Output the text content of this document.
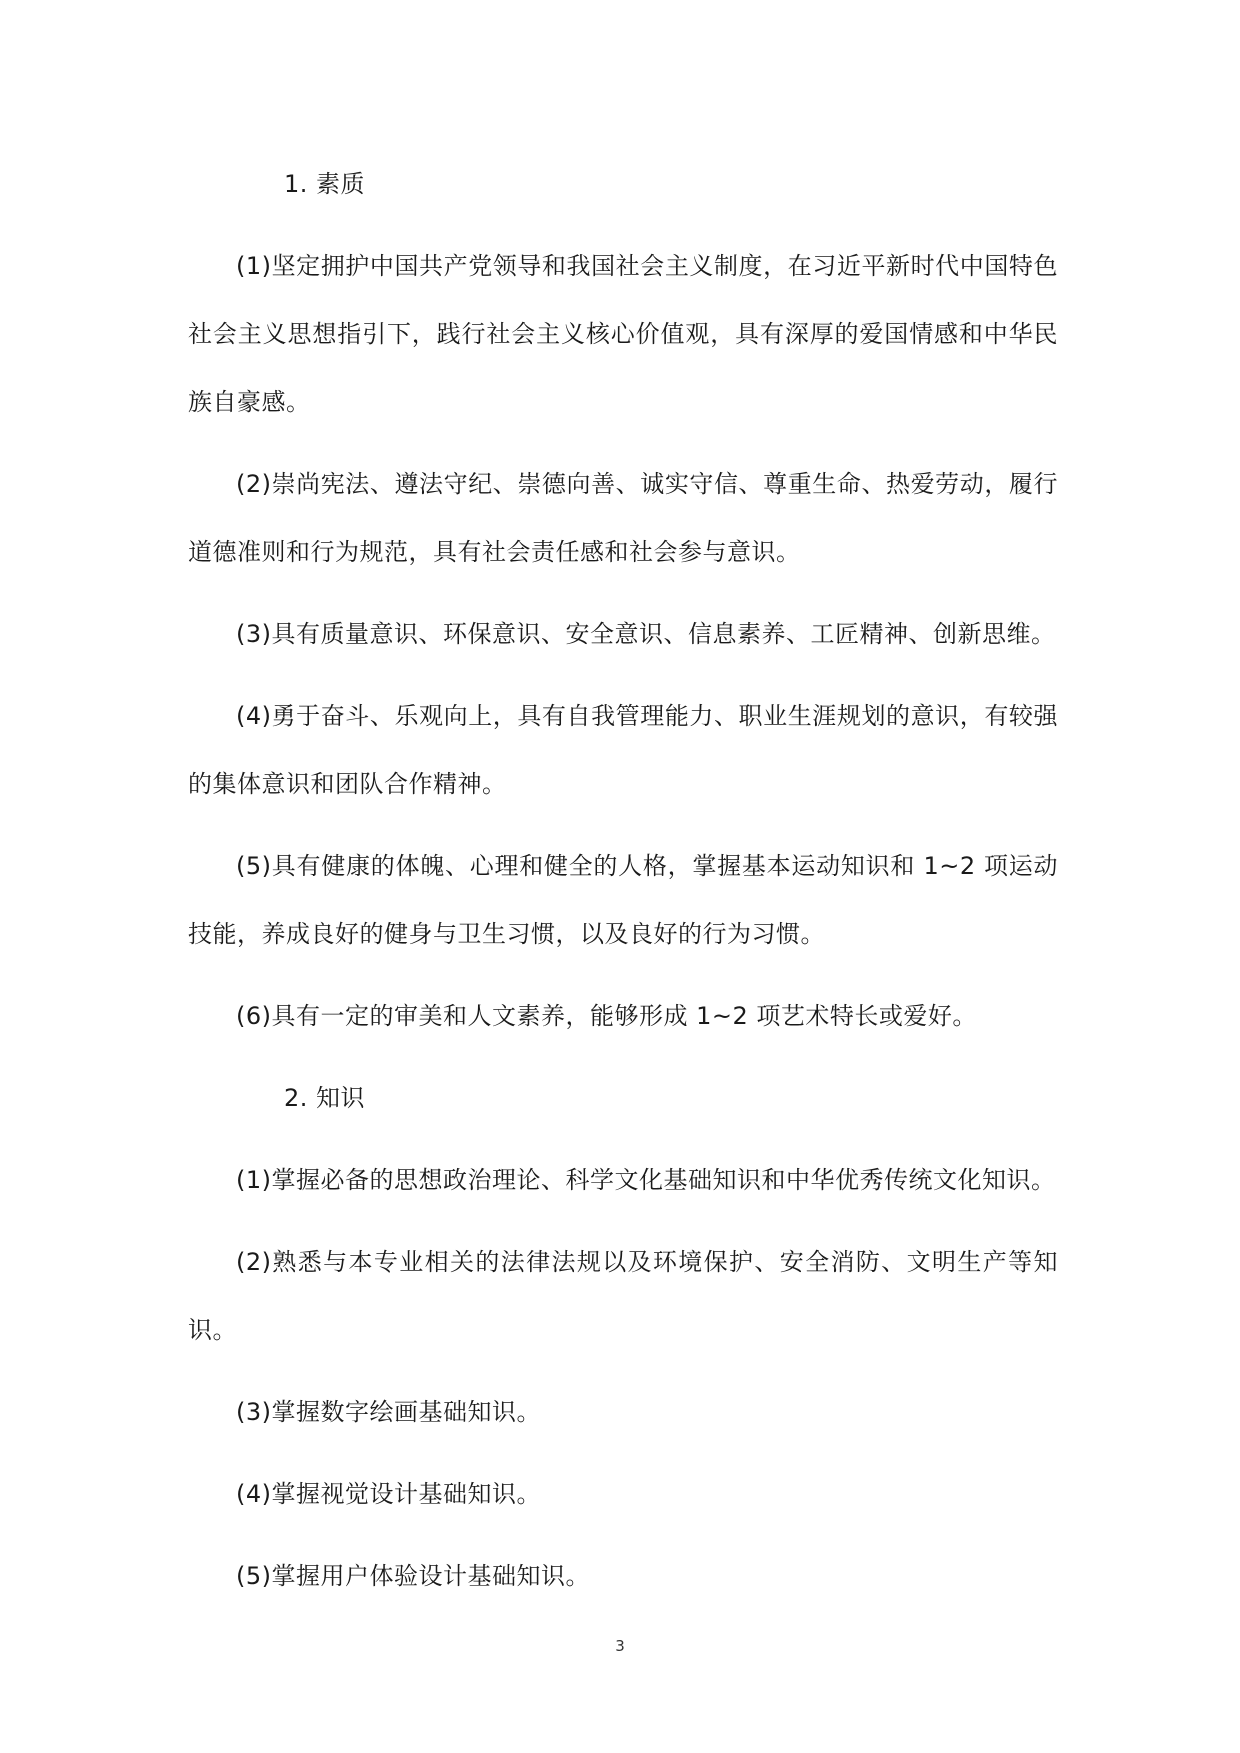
1. 素质

(1)坚定拥护中国共产党领导和我国社会主义制度，在习近平新时代中国特色社会主义思想指引下，践行社会主义核心价值观，具有深厚的爱国情感和中华民族自豪感。

(2)崇尚宪法、遵法守纪、崇德向善、诚实守信、尊重生命、热爱劳动，履行道德准则和行为规范，具有社会责任感和社会参与意识。

(3)具有质量意识、环保意识、安全意识、信息素养、工匠精神、创新思维。

(4)勇于奋斗、乐观向上，具有自我管理能力、职业生涯规划的意识，有较强的集体意识和团队合作精神。

(5)具有健康的体魄、心理和健全的人格，掌握基本运动知识和 1~2 项运动技能，养成良好的健身与卫生习惯，以及良好的行为习惯。

(6)具有一定的审美和人文素养，能够形成 1~2 项艺术特长或爱好。

2. 知识

(1)掌握必备的思想政治理论、科学文化基础知识和中华优秀传统文化知识。

(2)熟悉与本专业相关的法律法规以及环境保护、安全消防、文明生产等知识。

(3)掌握数字绘画基础知识。

(4)掌握视觉设计基础知识。

(5)掌握用户体验设计基础知识。

3
